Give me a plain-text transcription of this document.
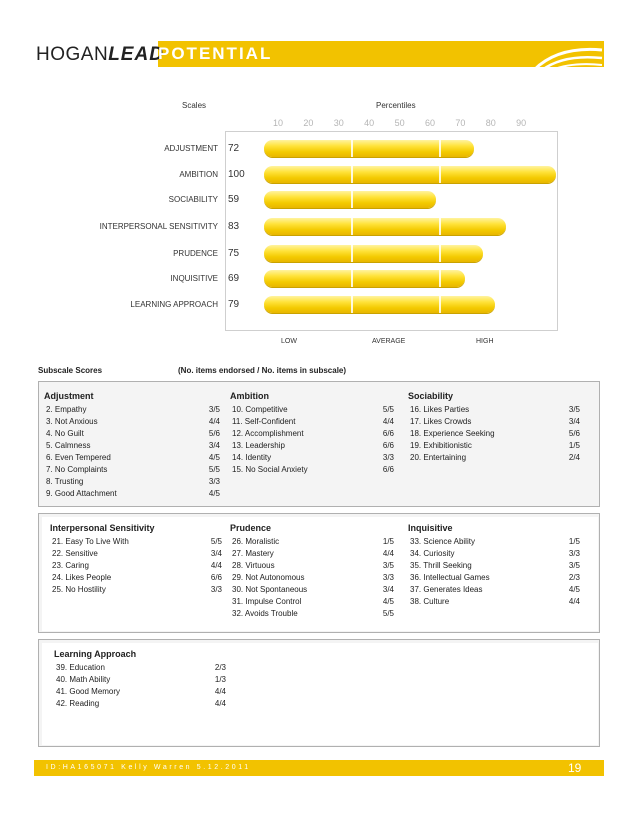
HOGANLEAD
POTENTIAL
Scales	Percentiles
10	20	30	40	50	60	70	80	90
ADJUSTMENT 72
AMBITION 100
SOCIABILITY 59
INTERPERSONAL SENSITIVITY 83
PRUDENCE 75
INQUISITIVE 69
LEARNING APPROACH 79
LOW	AVERAGE	HIGH
Subscale Scores	(No. items endorsed / No. items in subscale)
Adjustment
2. Empathy	3/5
3. Not Anxious	4/4
4. No Guilt	5/6
5. Calmness	3/4
6. Even Tempered	4/5
7. No Complaints	5/5
8. Trusting	3/3
9. Good Attachment	4/5
Ambition
10. Competitive	5/5
11. Self-Confident	4/4
12. Accomplishment	6/6
13. Leadership	6/6
14. Identity	3/3
15. No Social Anxiety	6/6
Sociability
16. Likes Parties	3/5
17. Likes Crowds	3/4
18. Experience Seeking	5/6
19. Exhibitionistic	1/5
20. Entertaining	2/4
Interpersonal Sensitivity
21. Easy To Live With	5/5
22. Sensitive	3/4
23. Caring	4/4
24. Likes People	6/6
25. No Hostility	3/3
Prudence
26. Moralistic	1/5
27. Mastery	4/4
28. Virtuous	3/5
29. Not Autonomous	3/3
30. Not Spontaneous	3/4
31. Impulse Control	4/5
32. Avoids Trouble	5/5
Inquisitive
33. Science Ability	1/5
34. Curiosity	3/3
35. Thrill Seeking	3/5
36. Intellectual Games	2/3
37. Generates Ideas	4/5
38. Culture	4/4
Learning Approach
39. Education	2/3
40. Math Ability	1/3
41. Good Memory	4/4
42. Reading	4/4
ID:HA165071 Kelly Warren 5.12.2011	19
